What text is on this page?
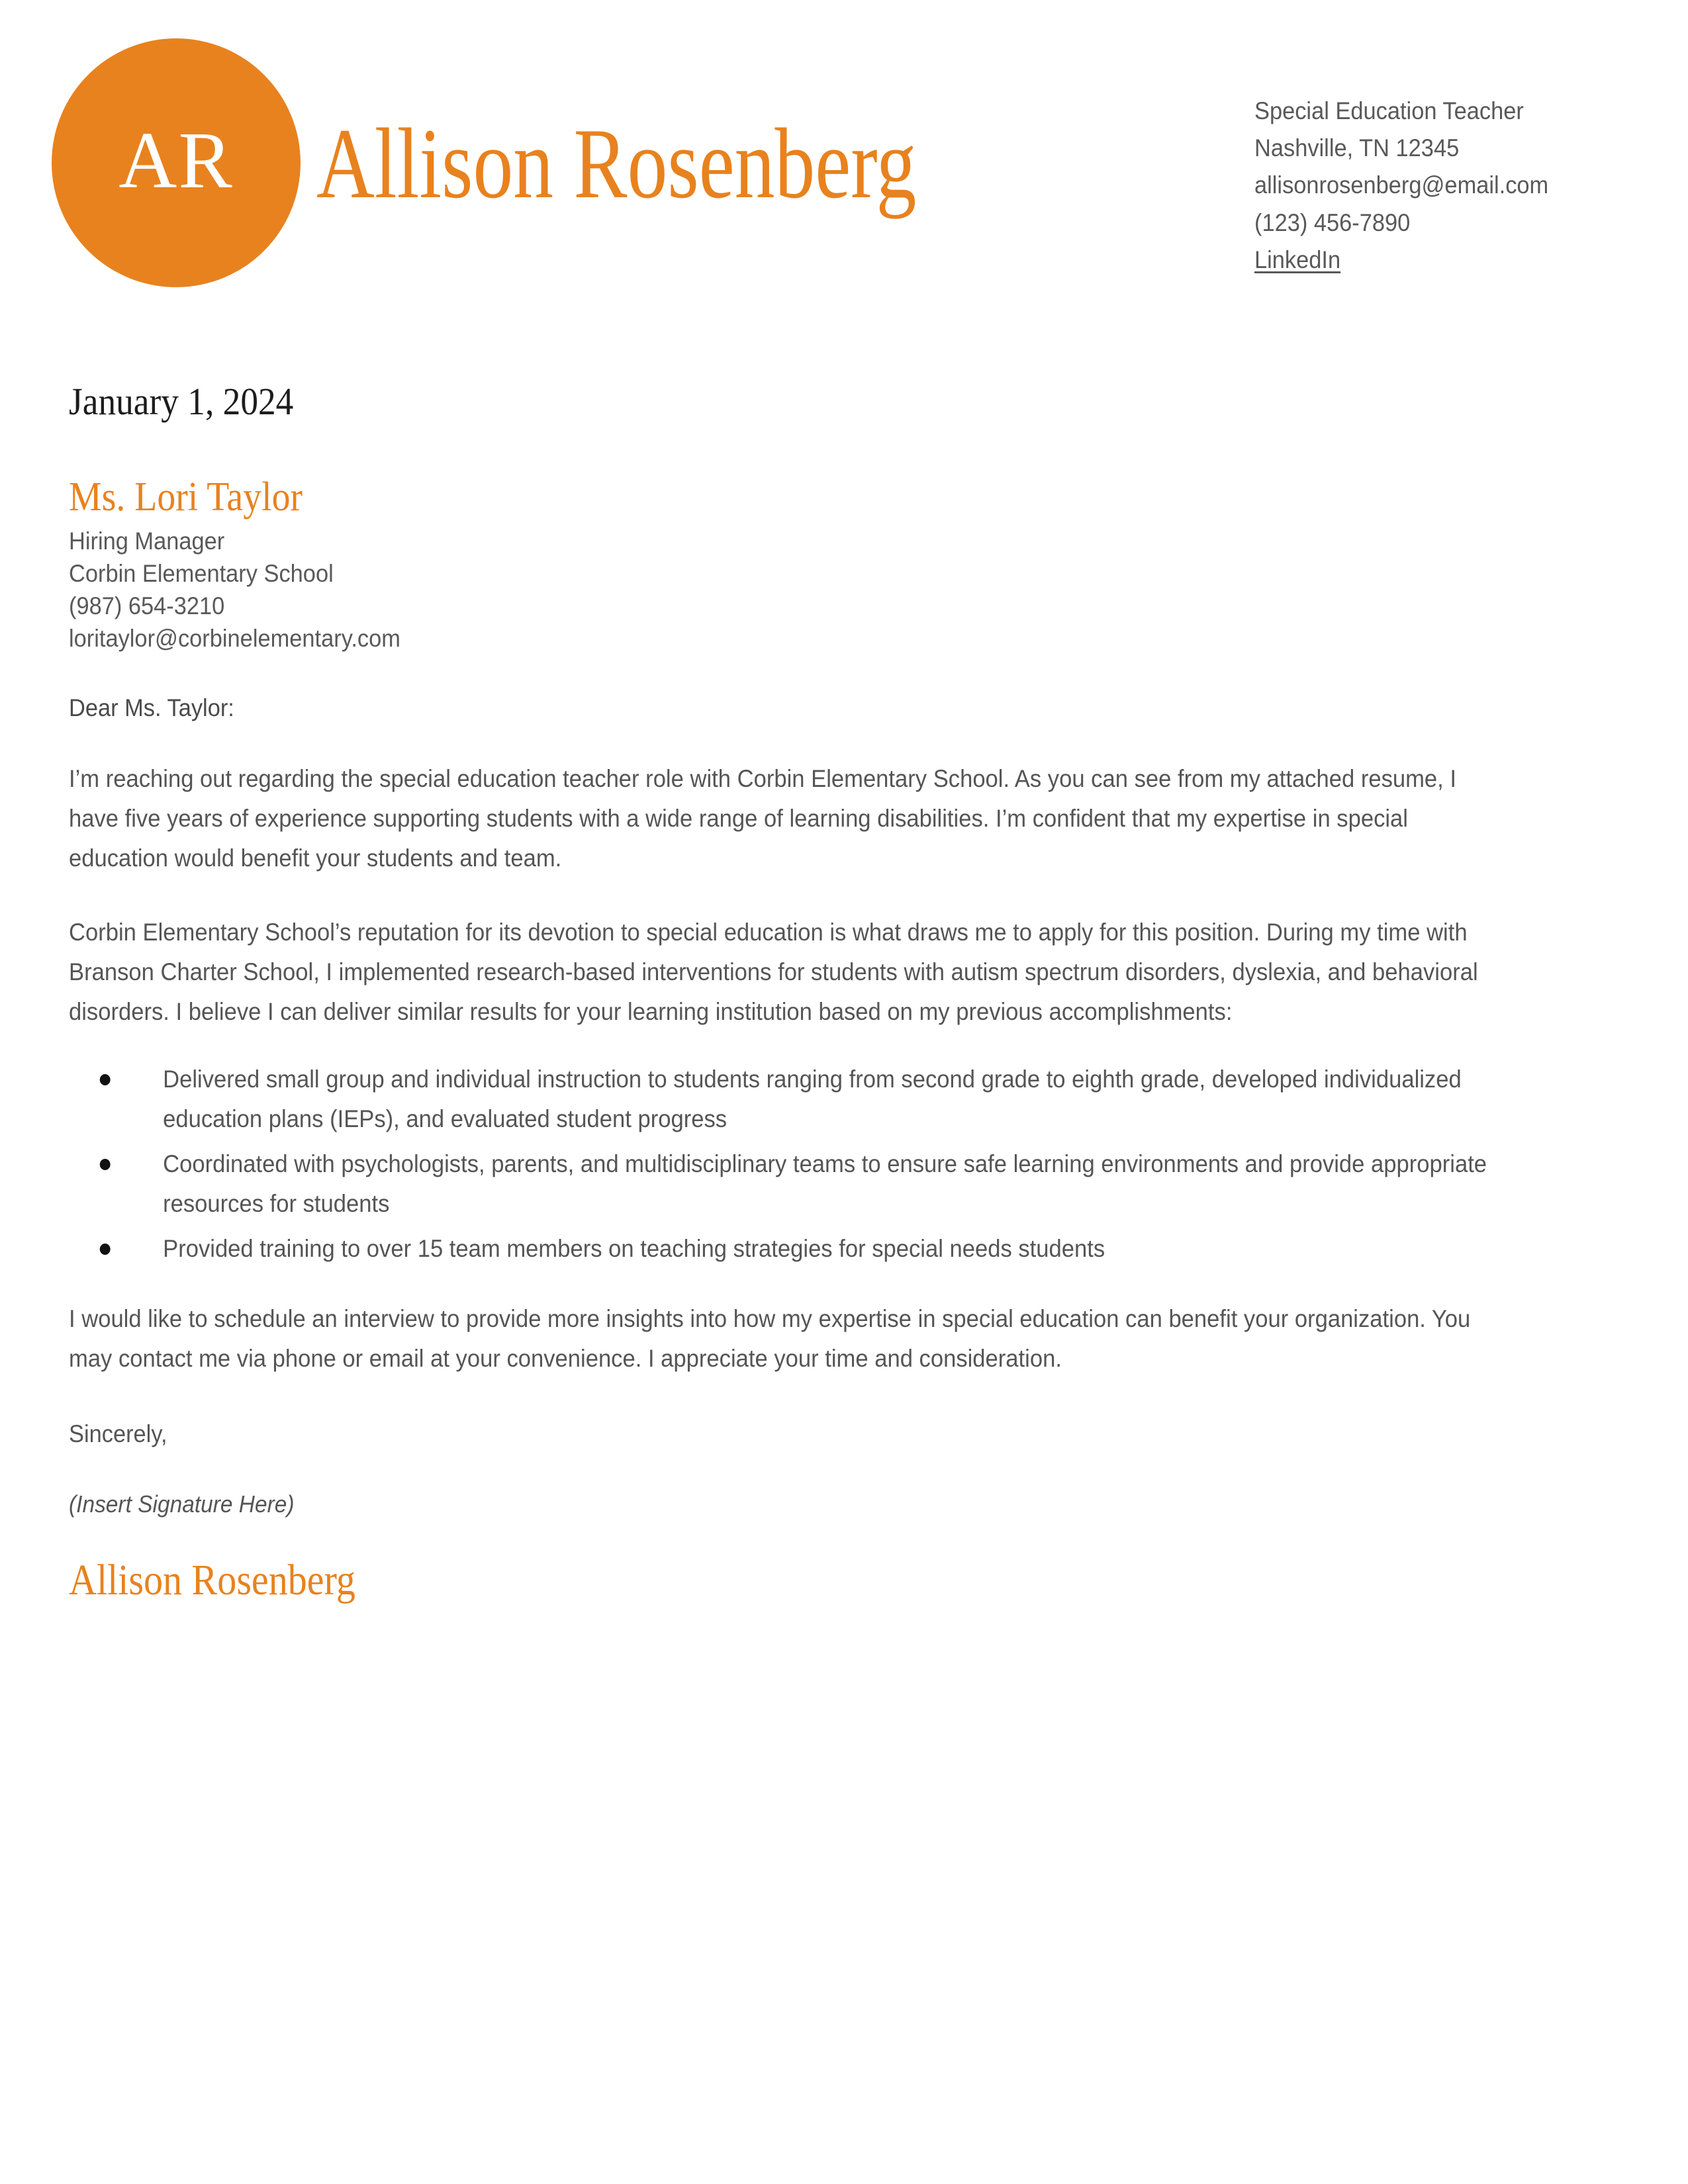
AR Allison Rosenberg	Special Education Teacher
Nashville, TN 12345
allisonrosenberg@email.com
(123) 456-7890
LinkedIn
January 1, 2024
Ms. Lori Taylor
Hiring Manager
Corbin Elementary School
(987) 654-3210
loritaylor@corbinelementary.com
Dear Ms. Taylor:

I’m reaching out regarding the special education teacher role with Corbin Elementary School. As you can see from my attached resume, I have five years of experience supporting students with a wide range of learning disabilities. I’m confident that my expertise in special education would benefit your students and team.

Corbin Elementary School’s reputation for its devotion to special education is what draws me to apply for this position. During my time with Branson Charter School, I implemented research-based interventions for students with autism spectrum disorders, dyslexia, and behavioral disorders. I believe I can deliver similar results for your learning institution based on my previous accomplishments:

Delivered small group and individual instruction to students ranging from second grade to eighth grade, developed individualized education plans (IEPs), and evaluated student progress
Coordinated with psychologists, parents, and multidisciplinary teams to ensure safe learning environments and provide appropriate resources for students
Provided training to over 15 team members on teaching strategies for special needs students

I would like to schedule an interview to provide more insights into how my expertise in special education can benefit your organization. You may contact me via phone or email at your convenience. I appreciate your time and consideration.

Sincerely,
(Insert Signature Here)
Allison Rosenberg
